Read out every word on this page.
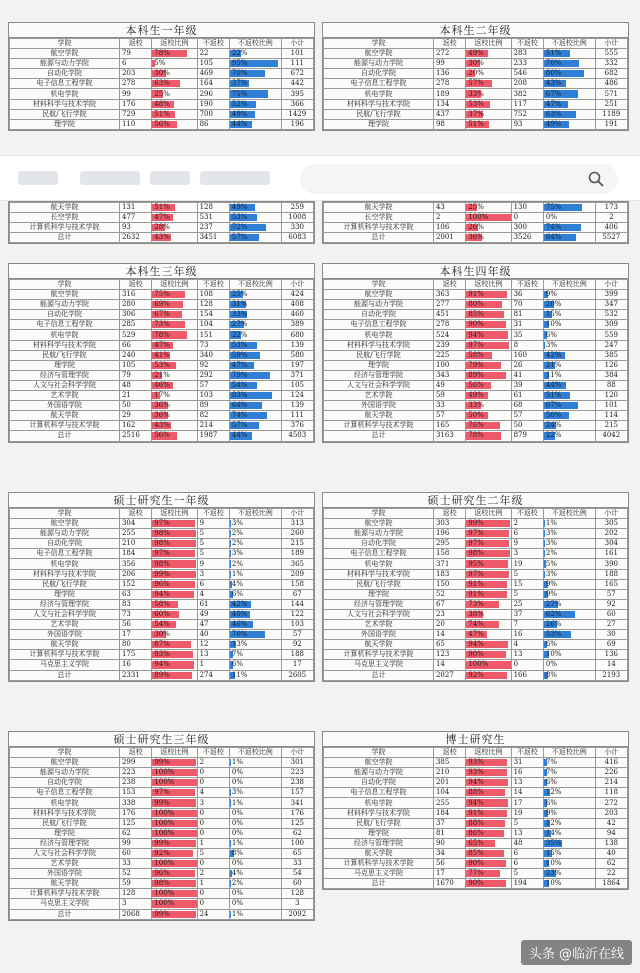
本科生一年级
学院	返校	返校比例	不返校	不返校比例	小计
航空学院	79	78%	22	22%	101
能源与动力学院	6	5%	105	95%	111
自动化学院	203	30%	469	70%	672
电子信息工程学院	278	63%	164	37%	442
机电学院	99	25%	296	75%	395
材料科学与技术学院	176	48%	190	52%	366
民航/飞行学院	729	51%	700	49%	1429
理学院	110	56%	86	44%	196
航天学院	131	51%	128	49%	259
长空学院	477	47%	531	53%	1008
计算机科学与技术学院	93	28%	237	72%	330
总计	2632	43%	3451	57%	6083
本科生二年级
学院	返校	返校比例	不返校	不返校比例	小计
航空学院	272	49%	283	51%	555
能源与动力学院	99	30%	233	70%	332
自动化学院	136	20%	546	80%	682
电子信息工程学院	278	57%	208	43%	486
机电学院	189	33%	382	67%	571
材料科学与技术学院	134	53%	117	47%	251
民航/飞行学院	437	37%	752	63%	1189
理学院	98	51%	93	49%	191
航天学院	43	25%	130	75%	173
长空学院	2	100%	0	0%	2
计算机科学与技术学院	106	26%	300	74%	406
总计	2001	36%	3526	64%	5527
本科生三年级
学院	返校	返校比例	不返校	不返校比例	小计
航空学院	316	75%	108	25%	424
能源与动力学院	280	69%	128	31%	408
自动化学院	306	67%	154	33%	460
电子信息工程学院	285	73%	104	27%	389
机电学院	529	78%	151	22%	680
材料科学与技术学院	66	47%	73	53%	139
民航/飞行学院	240	41%	340	59%	580
理学院	105	53%	92	47%	197
经济与管理学院	79	21%	292	79%	371
人文与社会科学学院	48	46%	57	54%	105
艺术学院	21	17%	103	83%	124
外国语学院	50	36%	89	64%	139
航天学院	29	36%	82	74%	111
计算机科学与技术学院	162	43%	214	57%	376
总计	2516	56%	1987	44%	4503
本科生四年级
学院	返校	返校比例	不返校	不返校比例	小计
航空学院	363	91%	36	9%	399
能源与动力学院	277	80%	70	20%	347
自动化学院	451	85%	81	15%	532
电子信息工程学院	278	90%	31	10%	309
机电学院	524	94%	35	6%	559
材料科学与技术学院	239	97%	8	3%	247
民航/飞行学院	225	58%	160	42%	385
理学院	100	79%	26	21%	126
经济与管理学院	343	89%	41	11%	384
人文与社会科学学院	49	56%	39	44%	88
艺术学院	59	49%	61	51%	120
外国语学院	33	33%	68	67%	101
航天学院	57	50%	57	50%	114
计算机科学与技术学院	165	76%	50	24%	215
总计	3163	78%	879	22%	4042
硕士研究生一年级
学院	返校	返校比例	不返校	不返校比例	小计
航空学院	304	97%	9	3%	313
能源与动力学院	255	98%	5	2%	260
自动化学院	210	98%	5	2%	215
电子信息工程学院	184	97%	5	3%	189
机电学院	356	98%	9	2%	365
材料科学与技术学院	206	99%	3	1%	209
民航/飞行学院	152	96%	6	4%	158
理学院	63	94%	4	6%	67
经济与管理学院	83	58%	61	42%	144
人文与社会科学学院	73	60%	49	40%	122
艺术学院	56	54%	47	46%	103
外国语学院	17	30%	40	70%	57
航天学院	80	87%	12	13%	92
计算机科学与技术学院	175	93%	13	7%	188
马克思主义学院	16	94%	1	6%	17
总计	2331	89%	274	11%	2605
硕士研究生二年级
学院	返校	返校比例	不返校	不返校比例	小计
航空学院	303	99%	2	1%	305
能源与动力学院	196	97%	6	3%	202
自动化学院	295	97%	9	3%	304
电子信息工程学院	158	98%	3	2%	161
机电学院	371	95%	19	5%	390
材料科学与技术学院	183	97%	5	3%	188
民航/飞行学院	150	91%	15	9%	165
理学院	52	91%	5	9%	57
经济与管理学院	67	73%	25	27%	92
人文与社会科学学院	23	38%	37	62%	60
艺术学院	20	74%	7	26%	27
外国语学院	14	47%	16	53%	30
航天学院	65	94%	4	6%	69
计算机科学与技术学院	123	90%	13	10%	136
马克思主义学院	14	100%	0	0%	14
总计	2027	92%	166	8%	2193
硕士研究生三年级
学院	返校	返校比例	不返校	不返校比例	小计
航空学院	299	99%	2	1%	301
能源与动力学院	223	100%	0	0%	223
自动化学院	238	100%	0	0%	238
电子信息工程学院	153	97%	4	3%	157
机电学院	338	99%	3	1%	341
材料科学与技术学院	176	100%	0	0%	176
民航/飞行学院	125	100%	0	0%	125
理学院	62	100%	0	0%	62
经济与管理学院	99	99%	1	1%	100
人文与社会科学学院	60	92%	5	8%	65
艺术学院	33	100%	0	0%	33
外国语学院	52	96%	2	4%	54
航天学院	59	98%	1	2%	60
计算机科学与技术学院	128	100%	0	0%	128
马克思主义学院	3	100%	0	0%	3
总计	2068	99%	24	1%	2092
博士研究生
学院	返校	返校比例	不返校	不返校比例	小计
航空学院	385	93%	31	7%	416
能源与动力学院	210	93%	16	7%	226
自动化学院	201	94%	13	6%	214
电子信息工程学院	104	88%	14	12%	118
机电学院	255	94%	17	6%	272
材料科学与技术学院	184	91%	19	9%	203
民航/飞行学院	37	88%	5	12%	42
理学院	81	86%	13	14%	94
经济与管理学院	90	65%	48	35%	138
航天学院	34	85%	6	15%	40
计算机科学与技术学院	56	90%	6	10%	62
马克思主义学院	17	77%	5	23%	22
总计	1670	90%	194	10%	1864
头条 @临沂在线
